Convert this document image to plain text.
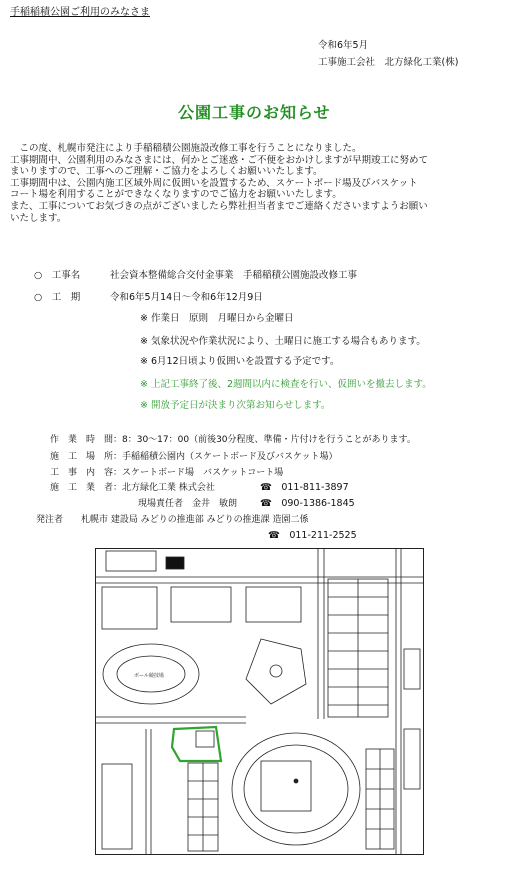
手稲稲積公園ご利用のみなさま
令和6年5月
工事施工会社　北方緑化工業(株)
公園工事のお知らせ
　この度、札幌市発注により手稲稲積公園施設改修工事を行うことになりました。
工事期間中、公園利用のみなさまには、何かとご迷惑・ご不便をおかけしますが早期竣工に努めて
まいりますので、工事へのご理解・ご協力をよろしくお願いいたします。
工事期間中は、公園内施工区域外周に仮囲いを設置するため、スケートボード場及びバスケット
コート場を利用することができなくなりますのでご協力をお願いいたします。
また、工事についてお気づきの点がございましたら弊社担当者までご連絡くださいますようお願い
いたします。
○　工事名	社会資本整備総合交付金事業　手稲稲積公園施設改修工事
○　工　期	令和6年5月14日～令和6年12月9日
※ 作業日　原則　月曜日から金曜日
※ 気象状況や作業状況により、土曜日に施工する場合もあります。
※ 6月12日頃より仮囲いを設置する予定です。
※ 上記工事終了後、2週間以内に検査を行い、仮囲いを撤去します。
※ 開放予定日が決まり次第お知らせします。
作　業　時　間：8：30～17：00（前後30分程度、準備・片付けを行うことがあります。
施　工　場　所：手稲稲積公園内（スケートボード及びバスケット場）
工　事　内　容：スケートボード場　バスケットコート場
施　工　業　者：北方緑化工業 株式会社	☎　011-811-3897
現場責任者　金井　敏朗 ☎　090-1386-1845
発注者　　札幌市 建設局 みどりの推進部 みどりの推進課 造園二係
☎　011-211-2525
ボール競技場
